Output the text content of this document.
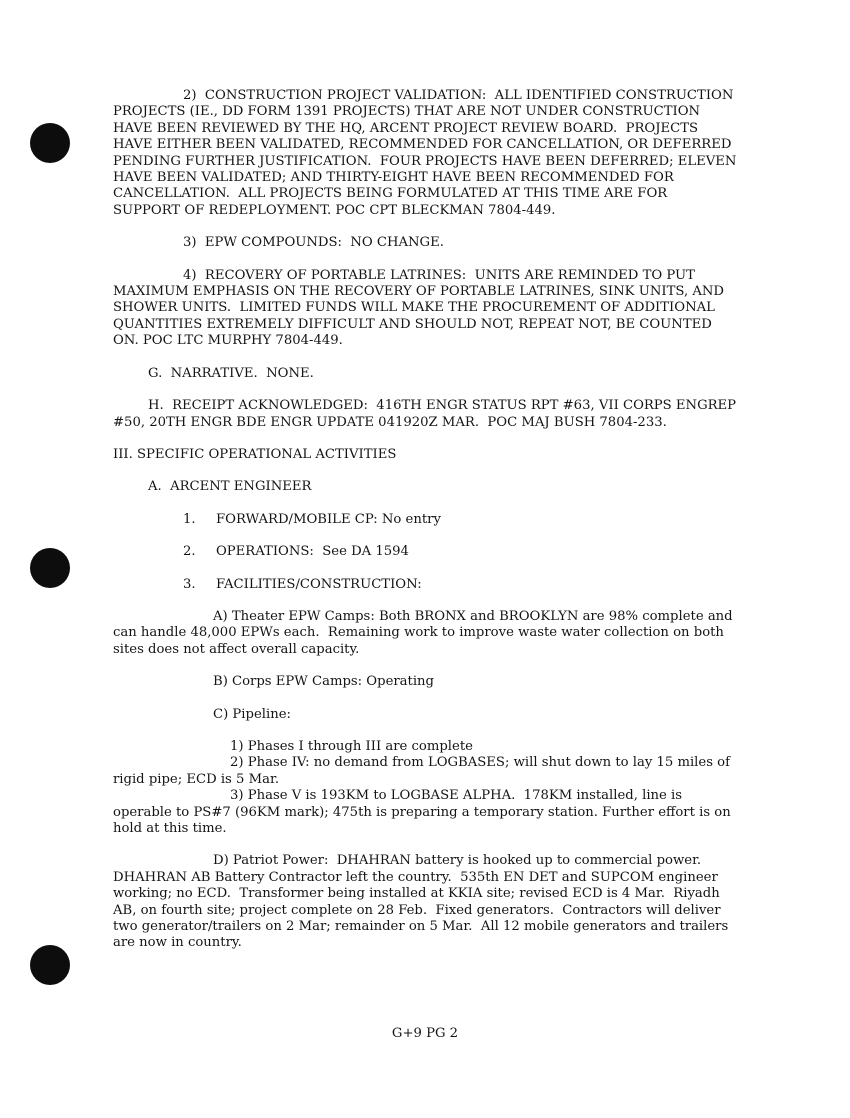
2)  CONSTRUCTION PROJECT VALIDATION:  ALL IDENTIFIED CONSTRUCTION PROJECTS (IE., DD FORM 1391 PROJECTS) THAT ARE NOT UNDER CONSTRUCTION HAVE BEEN REVIEWED BY THE HQ, ARCENT PROJECT REVIEW BOARD.  PROJECTS HAVE EITHER BEEN VALIDATED, RECOMMENDED FOR CANCELLATION, OR DEFERRED PENDING FURTHER JUSTIFICATION.  FOUR PROJECTS HAVE BEEN DEFERRED; ELEVEN HAVE BEEN VALIDATED; AND THIRTY-EIGHT HAVE BEEN RECOMMENDED FOR CANCELLATION.  ALL PROJECTS BEING FORMULATED AT THIS TIME ARE FOR SUPPORT OF REDEPLOYMENT. POC CPT BLECKMAN 7804-449.

3)  EPW COMPOUNDS:  NO CHANGE.

4)  RECOVERY OF PORTABLE LATRINES:  UNITS ARE REMINDED TO PUT MAXIMUM EMPHASIS ON THE RECOVERY OF PORTABLE LATRINES, SINK UNITS, AND SHOWER UNITS.  LIMITED FUNDS WILL MAKE THE PROCUREMENT OF ADDITIONAL QUANTITIES EXTREMELY DIFFICULT AND SHOULD NOT, REPEAT NOT, BE COUNTED ON. POC LTC MURPHY 7804-449.

G.  NARRATIVE.  NONE.

H.  RECEIPT ACKNOWLEDGED:  416TH ENGR STATUS RPT #63, VII CORPS ENGREP #50, 20TH ENGR BDE ENGR UPDATE 041920Z MAR.  POC MAJ BUSH 7804-233.

III. SPECIFIC OPERATIONAL ACTIVITIES

A.  ARCENT ENGINEER

1. FORWARD/MOBILE CP: No entry

2. OPERATIONS:  See DA 1594

3. FACILITIES/CONSTRUCTION:

A) Theater EPW Camps: Both BRONX and BROOKLYN are 98% complete and can handle 48,000 EPWs each.  Remaining work to improve waste water collection on both sites does not affect overall capacity.

B) Corps EPW Camps: Operating

C) Pipeline:

1) Phases I through III are complete

2) Phase IV: no demand from LOGBASES; will shut down to lay 15 miles of rigid pipe; ECD is 5 Mar.

3) Phase V is 193KM to LOGBASE ALPHA.  178KM installed, line is operable to PS#7 (96KM mark); 475th is preparing a temporary station. Further effort is on hold at this time.

D) Patriot Power:  DHAHRAN battery is hooked up to commercial power.  DHAHRAN AB Battery Contractor left the country.  535th EN DET and SUPCOM engineer working; no ECD.  Transformer being installed at KKIA site; revised ECD is 4 Mar.  Riyadh AB, on fourth site; project complete on 28 Feb.  Fixed generators.  Contractors will deliver two generator/trailers on 2 Mar; remainder on 5 Mar.  All 12 mobile generators and trailers are now in country.

G+9 PG 2
